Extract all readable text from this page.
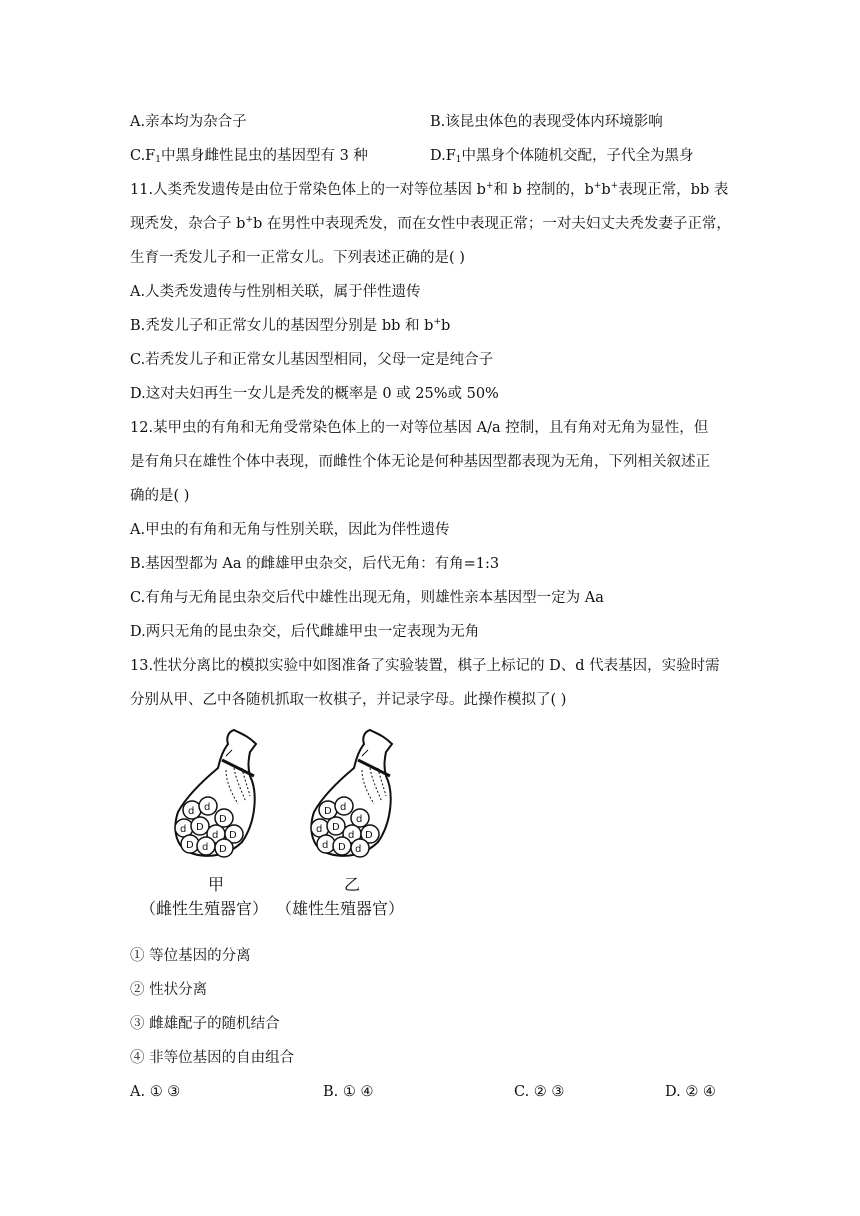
A.亲本均为杂合子	B.该昆虫体色的表现受体内环境影响
$C.F_1$中黑身雌性昆虫的基因型有 3 种	$D.F_1$中黑身个体随机交配，子代全为黑身
11.人类秃发遗传是由位于常染色体上的一对等位基因 b+和 b 控制的，b+b+表现正常，bb 表
现秃发，杂合子 b+b 在男性中表现秃发，而在女性中表现正常；一对夫妇丈夫秃发妻子正常，
生育一秃发儿子和一正常女儿。下列表述正确的是( )
A.人类秃发遗传与性别相关联，属于伴性遗传
B.秃发儿子和正常女儿的基因型分别是 bb 和 b+b
C.若秃发儿子和正常女儿基因型相同，父母一定是纯合子
D.这对夫妇再生一女儿是秃发的概率是 0 或 25%或 50%
12.某甲虫的有角和无角受常染色体上的一对等位基因 A/a 控制，且有角对无角为显性，但
是有角只在雄性个体中表现，而雌性个体无论是何种基因型都表现为无角，下列相关叙述正
确的是( )
A.甲虫的有角和无角与性别关联，因此为伴性遗传
B.基因型都为 Aa 的雌雄甲虫杂交，后代无角：有角=1:3
C.有角与无角昆虫杂交后代中雄性出现无角，则雄性亲本基因型一定为 Aa
D.两只无角的昆虫杂交，后代雌雄甲虫一定表现为无角
13.性状分离比的模拟实验中如图准备了实验装置，棋子上标记的 D、d 代表基因，实验时需
分别从甲、乙中各随机抓取一枚棋子，并记录字母。此操作模拟了( )
d d
D
d D
d D
D d D
D d
d
d D
d D
d D d
甲
（雌性生殖器官）
乙
（雄性生殖器官）
① 等位基因的分离
② 性状分离
③ 雌雄配子的随机结合
④ 非等位基因的自由组合
A. ① ③	B. ① ④	C. ② ③	D. ② ④
